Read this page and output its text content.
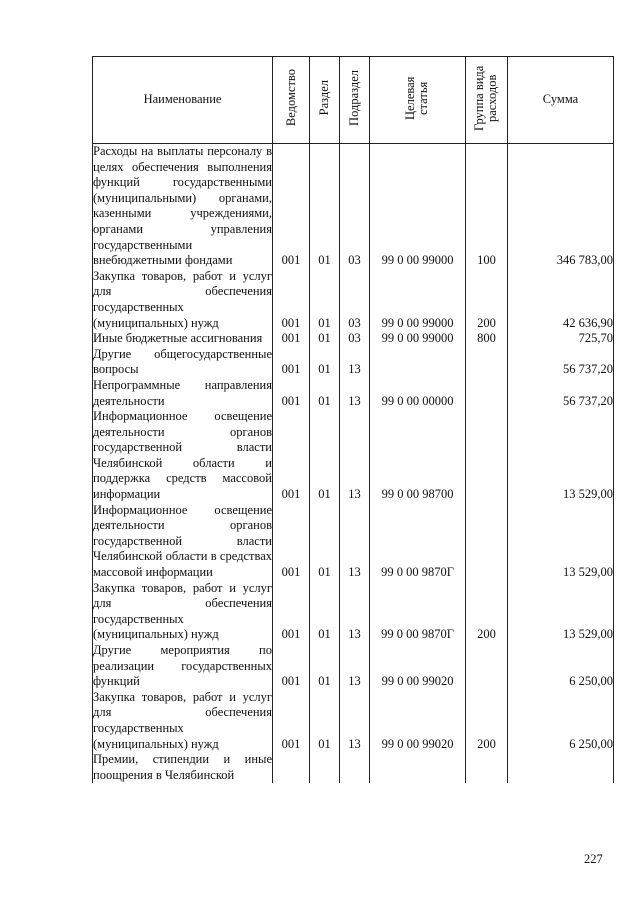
Наименование	Ведомство	Раздел	Подраздел	Целевая статья	Группа вида расходов	Сумма
Расходы на выплаты персоналу в целях обеспечения выполнения функций государственными (муниципальными) органами, казенными учреждениями, органами управления государственными внебюджетными фондами	001	01	03	99 0 00 99000	100	346 783,00
Закупка товаров, работ и услуг для обеспечения государственных (муниципальных) нужд	001	01	03	99 0 00 99000	200	42 636,90
Иные бюджетные ассигнования	001	01	03	99 0 00 99000	800	725,70
Другие общегосударственные вопросы	001	01	13			56 737,20
Непрограммные направления деятельности	001	01	13	99 0 00 00000		56 737,20
Информационное освещение деятельности органов государственной власти Челябинской области и поддержка средств массовой информации	001	01	13	99 0 00 98700		13 529,00
Информационное освещение деятельности органов государственной власти Челябинской области в средствах массовой информации	001	01	13	99 0 00 9870Г		13 529,00
Закупка товаров, работ и услуг для обеспечения государственных (муниципальных) нужд	001	01	13	99 0 00 9870Г	200	13 529,00
Другие мероприятия по реализации государственных функций	001	01	13	99 0 00 99020		6 250,00
Закупка товаров, работ и услуг для обеспечения государственных (муниципальных) нужд	001	01	13	99 0 00 99020	200	6 250,00
Премии, стипендии и иные поощрения в Челябинской						
227
